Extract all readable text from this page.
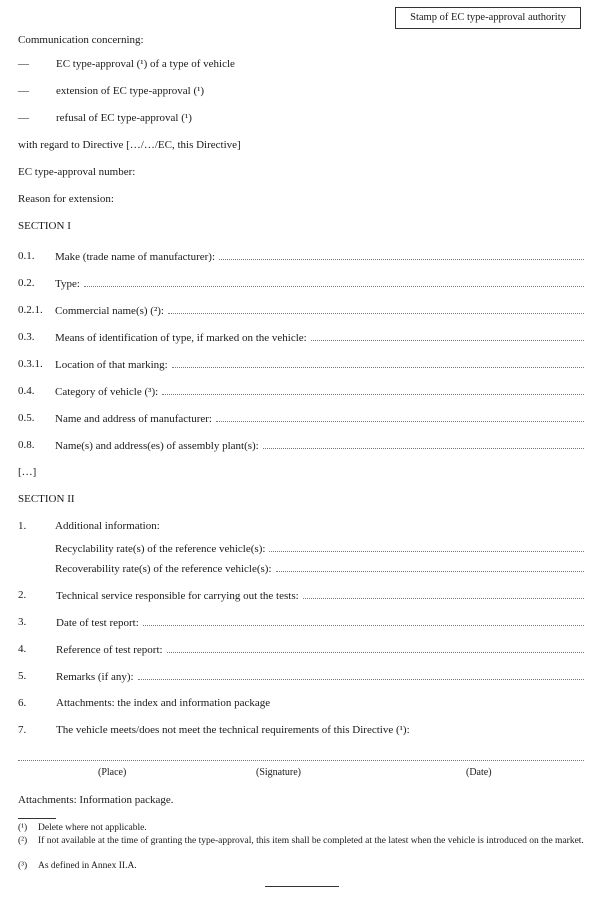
Stamp of EC type-approval authority
Communication concerning:
— EC type-approval (¹) of a type of vehicle
— extension of EC type-approval (¹)
— refusal of EC type-approval (¹)
with regard to Directive […/…/EC, this Directive]
EC type-approval number:
Reason for extension:
SECTION I
0.1. Make (trade name of manufacturer):
0.2. Type:
0.2.1. Commercial name(s) (²):
0.3. Means of identification of type, if marked on the vehicle:
0.3.1. Location of that marking:
0.4. Category of vehicle (³):
0.5. Name and address of manufacturer:
0.8. Name(s) and address(es) of assembly plant(s):
[…]
SECTION II
1.	Additional information:
Recyclability rate(s) of the reference vehicle(s):
Recoverability rate(s) of the reference vehicle(s):
2.	Technical service responsible for carrying out the tests:
3.	Date of test report:
4.	Reference of test report:
5.	Remarks (if any):
6.	Attachments: the index and information package
7.	The vehicle meets/does not meet the technical requirements of this Directive (¹):
(Place)	(Signature)	(Date)
Attachments: Information package.
(¹) Delete where not applicable.
(²) If not available at the time of granting the type-approval, this item shall be completed at the latest when the vehicle is introduced on the market.
(³) As defined in Annex II.A.
